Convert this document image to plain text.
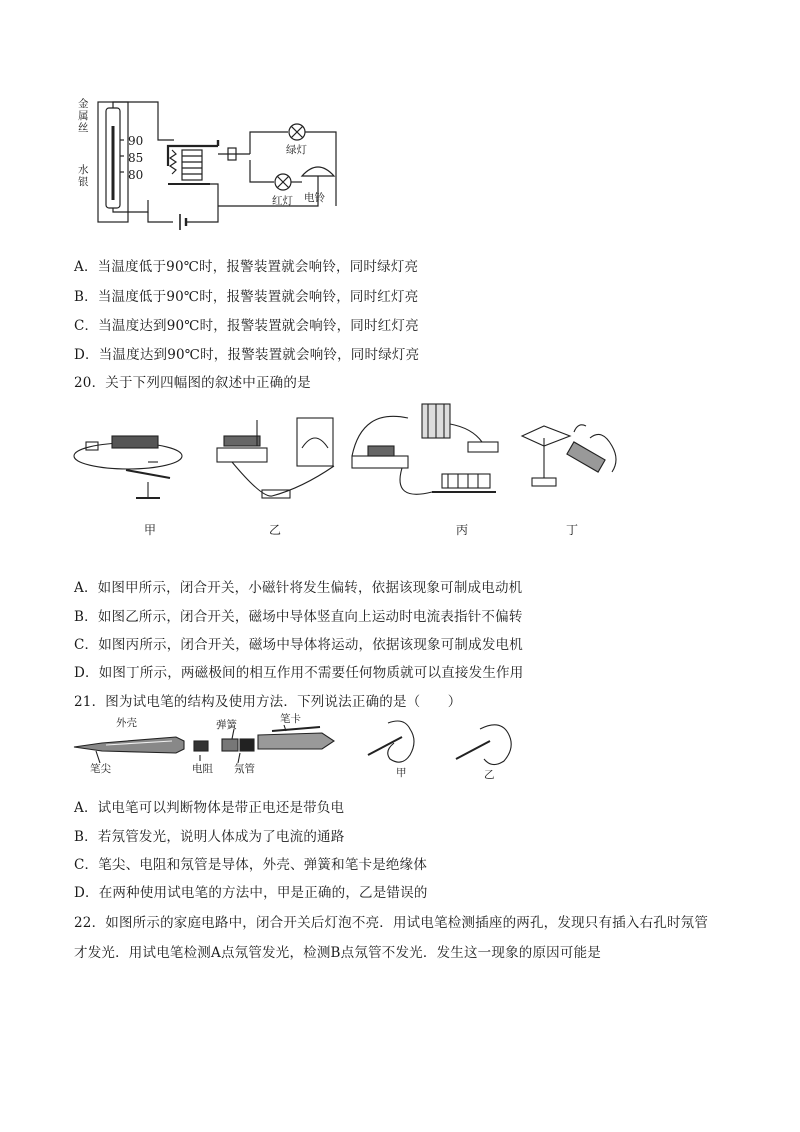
金属丝
水银
90
85
80
绿灯
红灯 电铃
A．当温度低于90℃时，报警装置就会响铃，同时绿灯亮
B．当温度低于90℃时，报警装置就会响铃，同时红灯亮
C．当温度达到90℃时，报警装置就会响铃，同时红灯亮
D．当温度达到90℃时，报警装置就会响铃，同时绿灯亮
20．关于下列四幅图的叙述中正确的是
甲	乙	丙	丁
A．如图甲所示，闭合开关，小磁针将发生偏转，依据该现象可制成电动机
B．如图乙所示，闭合开关，磁场中导体竖直向上运动时电流表指针不偏转
C．如图丙所示，闭合开关，磁场中导体将运动，依据该现象可制成发电机
D．如图丁所示，两磁极间的相互作用不需要任何物质就可以直接发生作用
21．图为试电笔的结构及使用方法．下列说法正确的是（　　）
外壳	弹簧	笔卡
笔尖	电阻 氖管	甲	乙
A．试电笔可以判断物体是带正电还是带负电
B．若氖管发光，说明人体成为了电流的通路
C．笔尖、电阻和氖管是导体，外壳、弹簧和笔卡是绝缘体
D．在两种使用试电笔的方法中，甲是正确的，乙是错误的
22．如图所示的家庭电路中，闭合开关后灯泡不亮．用试电笔检测插座的两孔，发现只有插入右孔时氖管
才发光．用试电笔检测A点氖管发光，检测B点氖管不发光．发生这一现象的原因可能是
